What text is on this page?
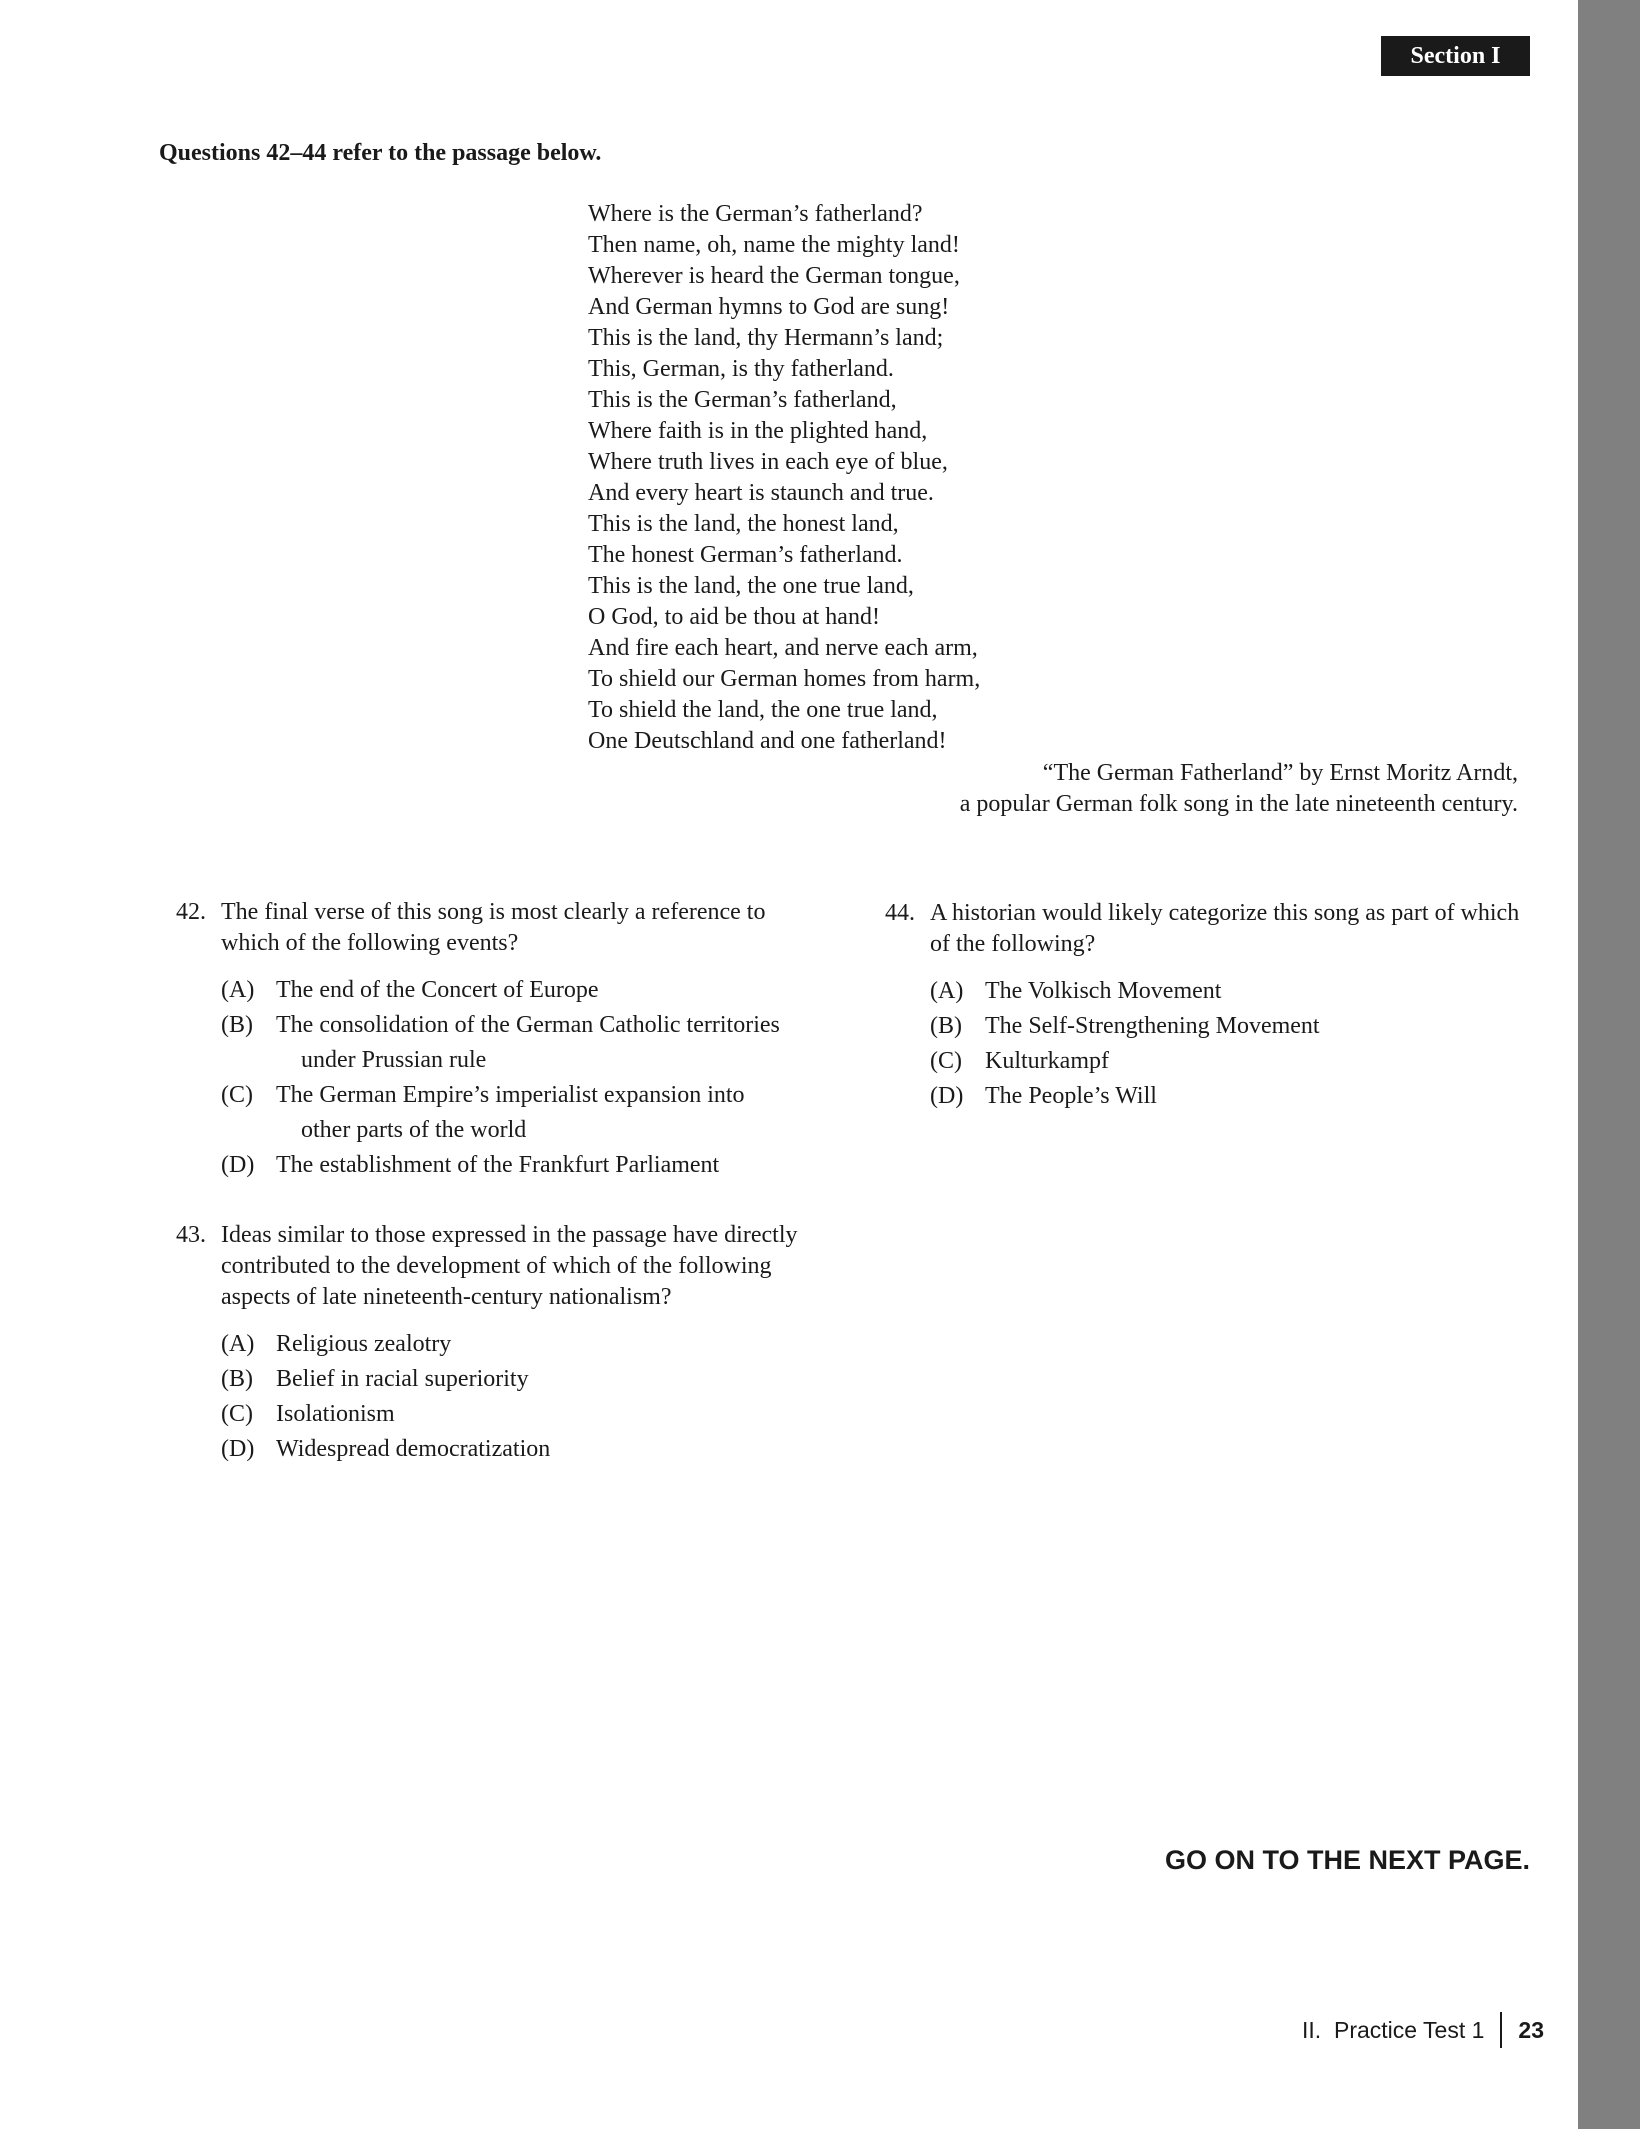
Section I
Questions 42–44 refer to the passage below.
Where is the German’s fatherland?
Then name, oh, name the mighty land!
Wherever is heard the German tongue,
And German hymns to God are sung!
This is the land, thy Hermann’s land;
This, German, is thy fatherland.
This is the German’s fatherland,
Where faith is in the plighted hand,
Where truth lives in each eye of blue,
And every heart is staunch and true.
This is the land, the honest land,
The honest German’s fatherland.
This is the land, the one true land,
O God, to aid be thou at hand!
And fire each heart, and nerve each arm,
To shield our German homes from harm,
To shield the land, the one true land,
One Deutschland and one fatherland!
“The German Fatherland” by Ernst Moritz Arndt,
a popular German folk song in the late nineteenth century.
42. The final verse of this song is most clearly a reference to which of the following events?
(A) The end of the Concert of Europe
(B) The consolidation of the German Catholic territories
under Prussian rule
(C) The German Empire’s imperialist expansion into
other parts of the world
(D) The establishment of the Frankfurt Parliament
43. Ideas similar to those expressed in the passage have directly contributed to the development of which of the following aspects of late nineteenth-century nationalism?
(A) Religious zealotry
(B) Belief in racial superiority
(C) Isolationism
(D) Widespread democratization
44. A historian would likely categorize this song as part of which of the following?
(A) The Volkisch Movement
(B) The Self-Strengthening Movement
(C) Kulturkampf
(D) The People’s Will
GO ON TO THE NEXT PAGE.
II.  Practice Test 1 23
